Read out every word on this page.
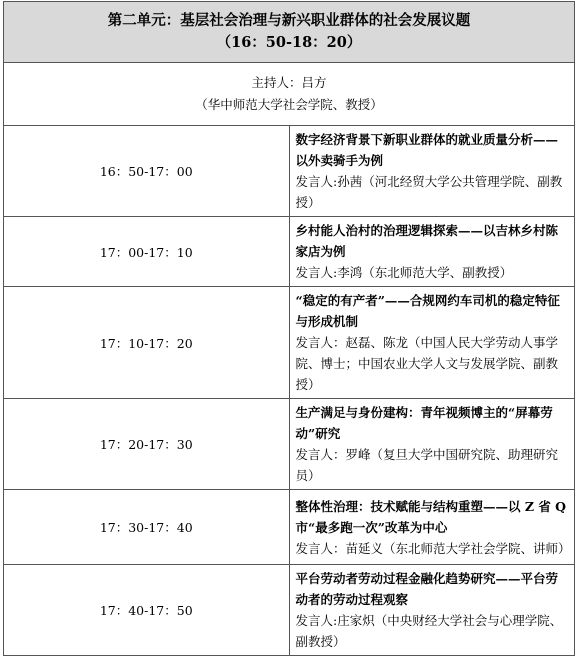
第二单元：基层社会治理与新兴职业群体的社会发展议题
（16：50-18：20）	

主持人：吕方
（华中师范大学社会学院、教授）	

16：50-17：00	数字经济背景下新职业群体的就业质量分析——以外卖骑手为例
发言人:孙茜（河北经贸大学公共管理学院、副教授）

17：00-17：10	乡村能人治村的治理逻辑探索——以吉林乡村陈家店为例
发言人:李鸿（东北师范大学、副教授）

17：10-17：20	“稳定的有产者”——合规网约车司机的稳定特征与形成机制
发言人：赵磊、陈龙（中国人民大学劳动人事学院、博士；中国农业大学人文与发展学院、副教授）

17：20-17：30	生产满足与身份建构：青年视频博主的“屏幕劳动”研究
发言人：罗峰（复旦大学中国研究院、助理研究员）

17：30-17：40	整体性治理：技术赋能与结构重塑——以 Z 省 Q 市“最多跑一次”改革为中心
发言人：苗延义（东北师范大学社会学院、讲师）

17：40-17：50	平台劳动者劳动过程金融化趋势研究——平台劳动者的劳动过程观察
发言人:庄家炽（中央财经大学社会与心理学院、副教授）
